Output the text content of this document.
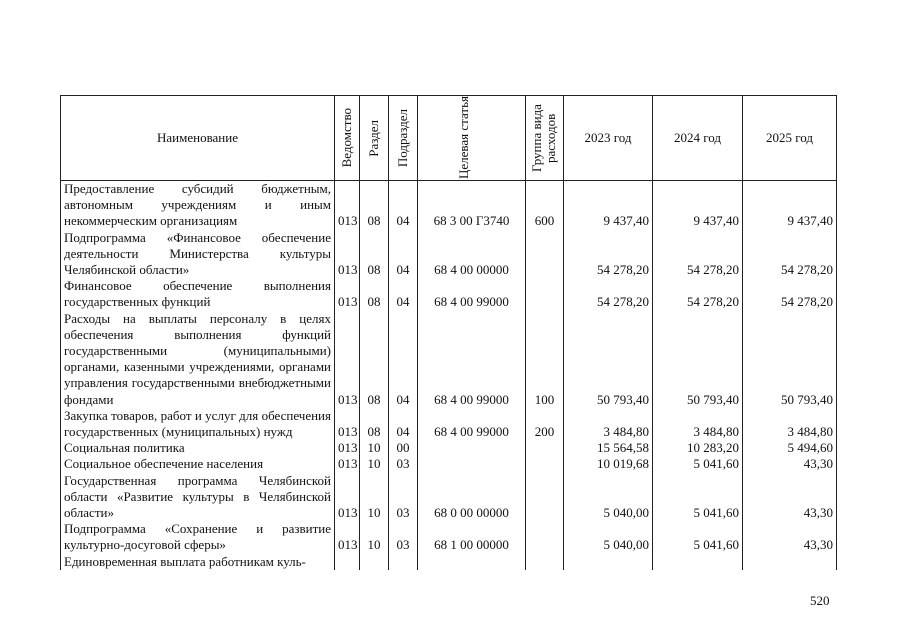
Наименование	Ведомство	Раздел	Подраздел	Целевая статья	Группа вида расходов	2023 год	2024 год	2025 год
Предоставление субсидий бюджетным, автономным учреждениям и иным некоммерческим организациям	013	08	04	68 3 00 Г3740	600	9 437,40	9 437,40	9 437,40
Подпрограмма «Финансовое обеспечение деятельности Министерства культуры Челябинской области»	013	08	04	68 4 00 00000		54 278,20	54 278,20	54 278,20
Финансовое обеспечение выполнения государственных функций	013	08	04	68 4 00 99000		54 278,20	54 278,20	54 278,20
Расходы на выплаты персоналу в целях обеспечения выполнения функций государственными (муниципальными) органами, казенными учреждениями, органами управления государственными внебюджетными фондами	013	08	04	68 4 00 99000	100	50 793,40	50 793,40	50 793,40
Закупка товаров, работ и услуг для обеспечения государственных (муниципальных) нужд	013	08	04	68 4 00 99000	200	3 484,80	3 484,80	3 484,80
Социальная политика	013	10	00			15 564,58	10 283,20	5 494,60
Социальное обеспечение населения	013	10	03			10 019,68	5 041,60	43,30
Государственная программа Челябинской области «Развитие культуры в Челябинской области»	013	10	03	68 0 00 00000		5 040,00	5 041,60	43,30
Подпрограмма «Сохранение и развитие культурно-досуговой сферы»	013	10	03	68 1 00 00000		5 040,00	5 041,60	43,30
Единовременная выплата работникам куль-								
520
